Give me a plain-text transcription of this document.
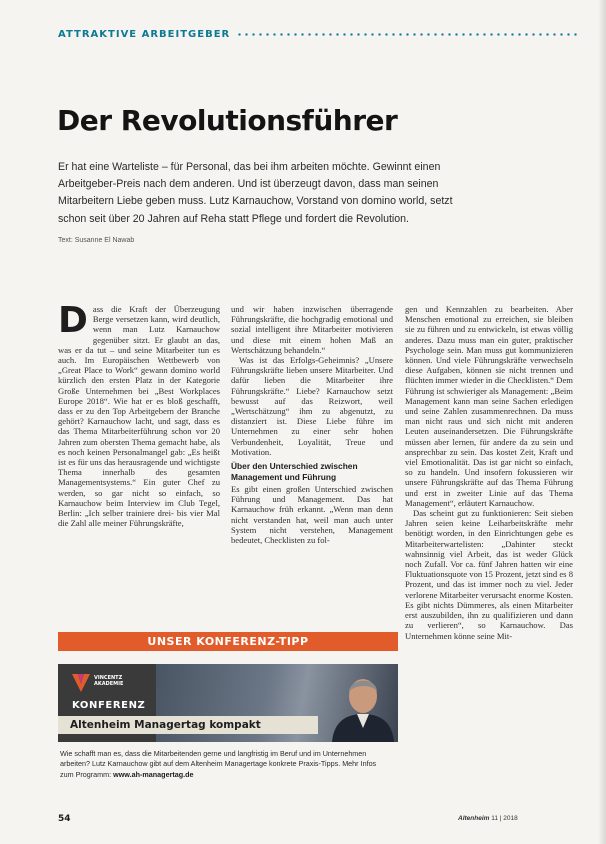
ATTRAKTIVE ARBEITGEBER
Der Revolutionsführer
Er hat eine Warteliste – für Personal, das bei ihm arbeiten möchte. Gewinnt einen Arbeitgeber-Preis nach dem anderen. Und ist überzeugt davon, dass man seinen Mitarbeitern Liebe geben muss. Lutz Karnauchow, Vorstand von domino world, setzt schon seit über 20 Jahren auf Reha statt Pflege und fordert die Revolution.
Text: Susanne El Nawab
D ass die Kraft der Überzeugung Berge versetzen kann, wird deutlich, wenn man Lutz Karnauchow gegenüber sitzt. Er glaubt an das, was er da tut – und seine Mitarbeiter tun es auch. Im Europäischen Wettbewerb von „Great Place to Work“ gewann domino world kürzlich den ersten Platz in der Kategorie Große Unternehmen bei „Best Workplaces Europe 2018“. Wie hat er es bloß geschafft, dass er zu den Top Arbeitgebern der Branche gehört? Karnauchow lacht, und sagt, dass es das Thema Mitarbeiterführung schon vor 20 Jahren zum obersten Thema gemacht habe, als es noch keinen Personalmangel gab: „Es heißt ist es für uns das herausragende und wichtigste Thema innerhalb des gesamten Managementsystems.“ Ein guter Chef zu werden, so gar nicht so einfach, so Karnauchow beim Interview im Club Tegel, Berlin: „Ich selber trainiere drei- bis vier Mal die Zahl alle meiner Führungskräfte,

und wir haben inzwischen überragende Führungskräfte, die hochgradig emotional und sozial intelligent ihre Mitarbeiter motivieren und diese mit einem hohen Maß an Wertschätzung behandeln.“

Was ist das Erfolgs-Geheimnis? „Unsere Führungskräfte lieben unsere Mitarbeiter. Und dafür lieben die Mitarbeiter ihre Führungskräfte.“ Liebe? Karnauchow setzt bewusst auf das Reizwort, weil „Wertschätzung“ ihm zu abgenutzt, zu distanziert ist. Diese Liebe führe im Unternehmen zu einer sehr hohen Verbundenheit, Loyalität, Treue und Motivation.

Über den Unterschied zwischen Management und Führung

Es gibt einen großen Unterschied zwischen Führung und Management. Das hat Karnauchow früh erkannt. „Wenn man denn nicht verstanden hat, weil man auch unter System nicht verstehen, Management bedeutet, Checklisten zu fol-

gen und Kennzahlen zu bearbeiten. Aber Menschen emotional zu erreichen, sie bleiben sie zu führen und zu entwickeln, ist etwas völlig anderes. Dazu muss man ein guter, praktischer Psychologe sein. Man muss gut kommunizieren können. Und viele Führungskräfte verwechseln diese Aufgaben, können sie nicht trennen und flüchten immer wieder in die Checklisten.“ Dem Führung ist schwieriger als Management: „Beim Management kann man seine Sachen erledigen und seine Zahlen zusammenrechnen. Da muss man nicht raus und sich nicht mit anderen Leuten auseinandersetzen. Die Führungskräfte müssen aber lernen, für andere da zu sein und ansprechbar zu sein. Das kostet Zeit, Kraft und viel Emotionalität. Das ist gar nicht so einfach, so zu handeln. Und insofern fokussieren wir unsere Führungskräfte auf das Thema Führung und erst in zweiter Linie auf das Thema Management“, erläutert Karnauchow.

Das scheint gut zu funktionieren: Seit sieben Jahren seien keine Leiharbeitskräfte mehr benötigt worden, in den Einrichtungen gebe es Mitarbeiterwartelisten: „Dahinter steckt wahnsinnig viel Arbeit, das ist weder Glück noch Zufall. Vor ca. fünf Jahren hatten wir eine Fluktuationsquote von 15 Prozent, jetzt sind es 8 Prozent, und das ist immer noch zu viel. Jeder verlorene Mitarbeiter verursacht enorme Kosten. Es gibt nichts Dümmeres, als einen Mitarbeiter erst auszubilden, ihn zu qualifizieren und dann zu verlieren“, so Karnauchow. Das Unternehmen könne seine Mit-

UNSER KONFERENZ-TIPP
VINCENTZ AKADEMIE
KONFERENZ
Altenheim Managertag kompakt
Wie schafft man es, dass die Mitarbeitenden gerne und langfristig im Beruf und im Unternehmen arbeiten? Lutz Karnauchow gibt auf dem Altenheim Managertage konkrete Praxis-Tipps. Mehr Infos zum Programm: www.ah-managertag.de
54	Altenheim 11 | 2018
